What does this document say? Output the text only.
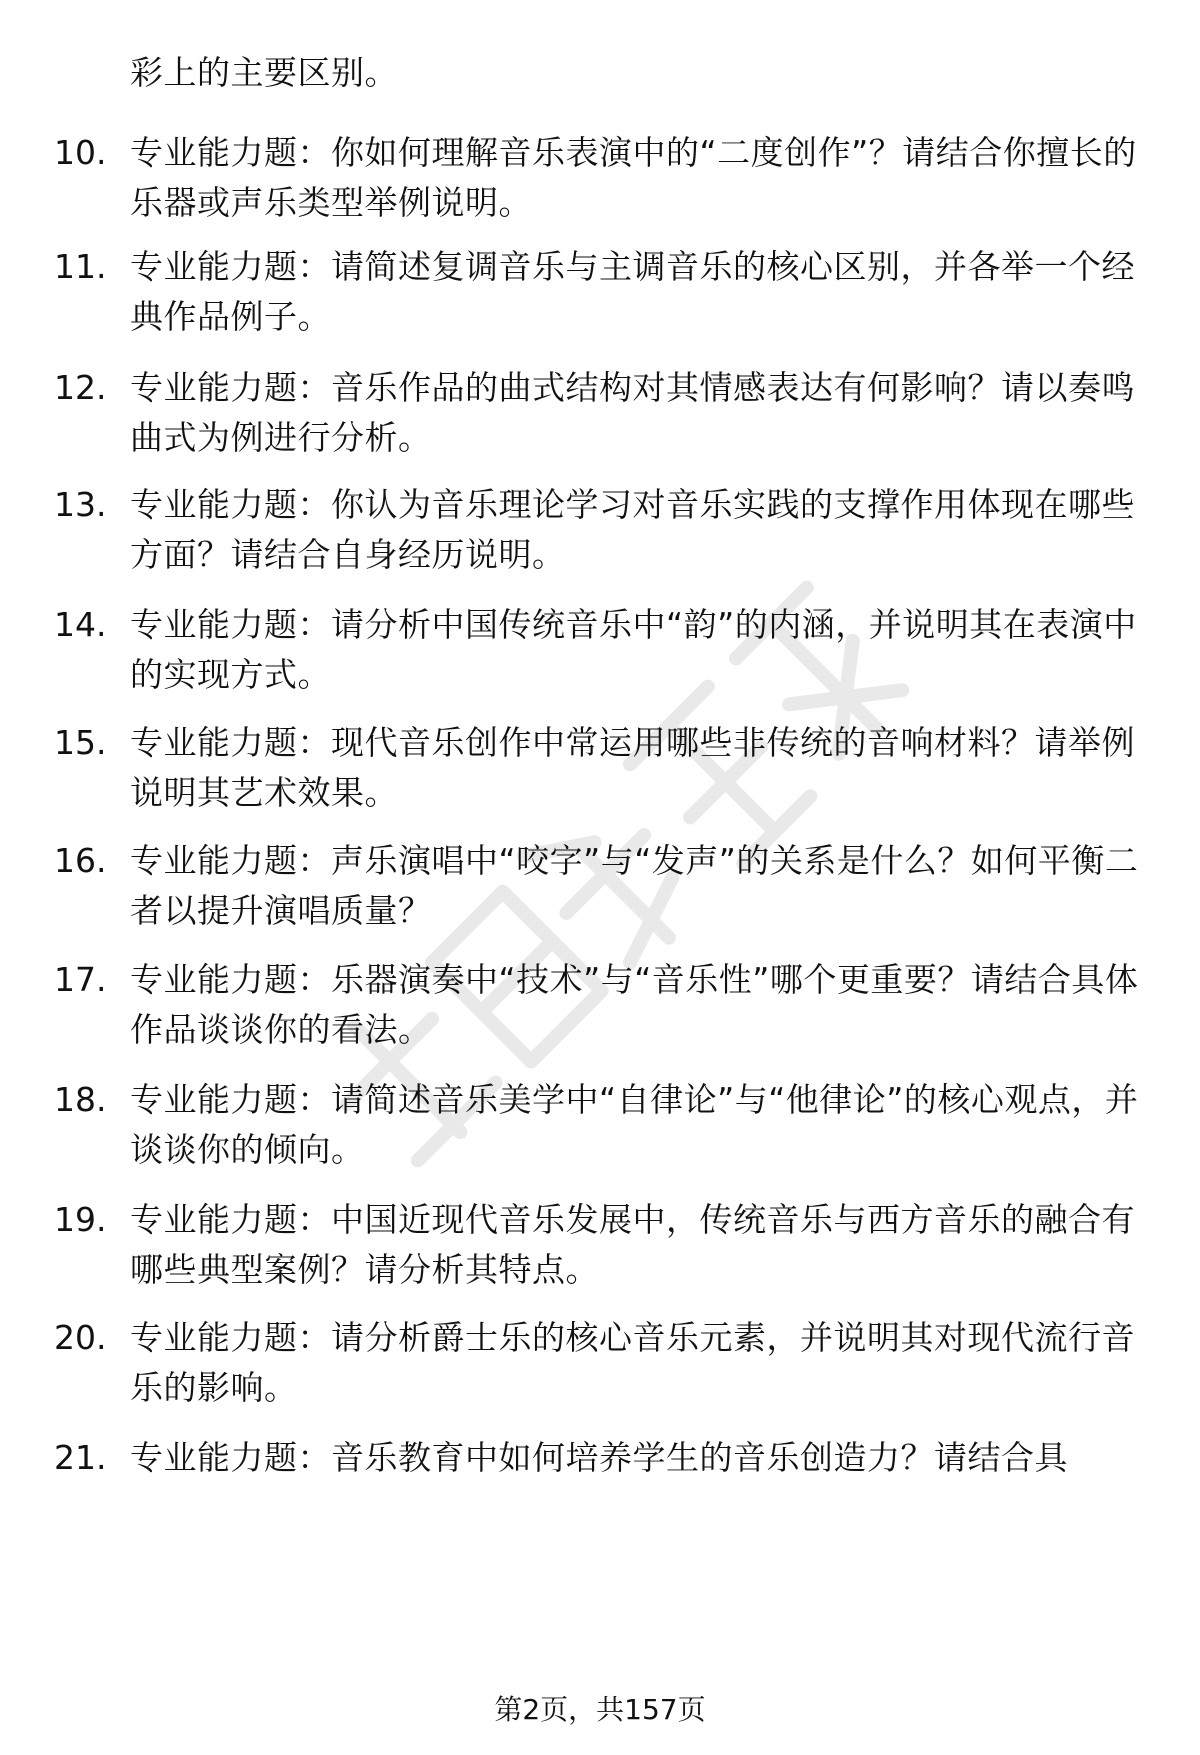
彩上的主要区别。
10. 专业能力题：你如何理解音乐表演中的“二度创作”？请结合你擅长的乐器或声乐类型举例说明。
11. 专业能力题：请简述复调音乐与主调音乐的核心区别，并各举一个经典作品例子。
12. 专业能力题：音乐作品的曲式结构对其情感表达有何影响？请以奏鸣曲式为例进行分析。
13. 专业能力题：你认为音乐理论学习对音乐实践的支撑作用体现在哪些方面？请结合自身经历说明。
14. 专业能力题：请分析中国传统音乐中“韵”的内涵，并说明其在表演中的实现方式。
15. 专业能力题：现代音乐创作中常运用哪些非传统的音响材料？请举例说明其艺术效果。
16. 专业能力题：声乐演唱中“咬字”与“发声”的关系是什么？如何平衡二者以提升演唱质量？
17. 专业能力题：乐器演奏中“技术”与“音乐性”哪个更重要？请结合具体作品谈谈你的看法。
18. 专业能力题：请简述音乐美学中“自律论”与“他律论”的核心观点，并谈谈你的倾向。
19. 专业能力题：中国近现代音乐发展中，传统音乐与西方音乐的融合有哪些典型案例？请分析其特点。
20. 专业能力题：请分析爵士乐的核心音乐元素，并说明其对现代流行音乐的影响。
21. 专业能力题：音乐教育中如何培养学生的音乐创造力？请结合具
第2页，共157页
